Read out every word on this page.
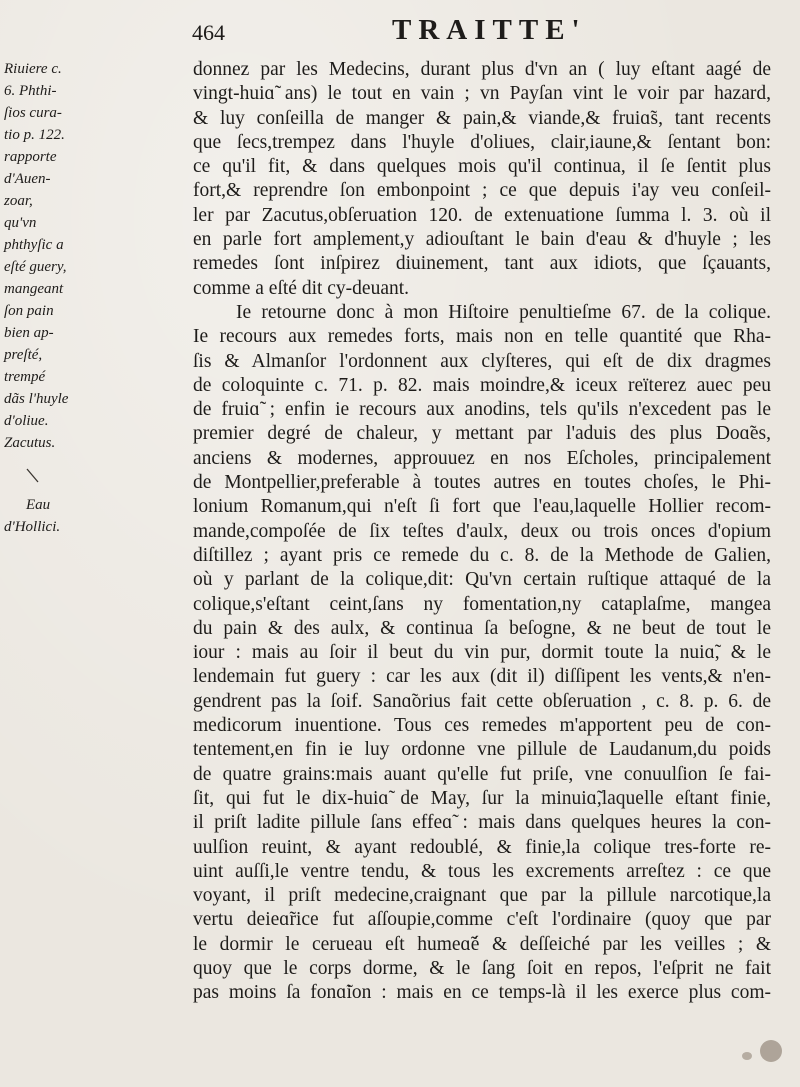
464	TRAITTE'
Riuiere c.
6. Phthi-
ſios cura-
tio p. 122.
rapporte
d'Auen-
zoar,
qu'vn
phthyſic a
eſté guery,
mangeant
ſon pain
bien ap-
preſté,
trempé
dãs l'huyle
d'oliue.
Zacutus.
Eau
d'Hollici.
donnez par les Medecins, durant plus d'vn an ( luy eſtant aagé de
vingt-huiɑ̃ ans) le tout en vain ; vn Payſan vint le voir par hazard,
& luy conſeilla de manger & pain,& viande,& fruiɑ̃s, tant recents
que ſecs,trempez dans l'huyle d'oliues, clair,iaune,& ſentant bon:
ce qu'il fit, & dans quelques mois qu'il continua, il ſe ſentit plus
fort,& reprendre ſon embonpoint ; ce que depuis i'ay veu conſeil-
ler par Zacutus,obſeruation 120. de extenuatione ſumma l. 3. où il
en parle fort amplement,y adiouſtant le bain d'eau & d'huyle ; les
remedes ſont inſpirez diuinement, tant aux idiots, que ſçauants,
comme a eſté dit cy-deuant.
Ie retourne donc à mon Hiſtoire penultieſme 67. de la colique.
Ie recours aux remedes forts, mais non en telle quantité que Rha-
ſis & Almanſor l'ordonnent aux clyſteres, qui eſt de dix dragmes
de coloquinte c. 71. p. 82. mais moindre,& iceux reïterez auec peu
de fruiɑ̃ ; enfin ie recours aux anodins, tels qu'ils n'excedent pas le
premier degré de chaleur, y mettant par l'aduis des plus Doɑ̃es,
anciens & modernes, approuuez en nos Eſcholes, principalement
de Montpellier,preferable à toutes autres en toutes choſes, le Phi-
lonium Romanum,qui n'eſt ſi fort que l'eau,laquelle Hollier recom-
mande,compoſée de ſix teſtes d'aulx, deux ou trois onces d'opium
diſtillez ; ayant pris ce remede du c. 8. de la Methode de Galien,
où y parlant de la colique,dit: Qu'vn certain ruſtique attaqué de la
colique,s'eſtant ceint,ſans ny fomentation,ny cataplaſme, mangea
du pain & des aulx, & continua ſa beſogne, & ne beut de tout le
iour : mais au ſoir il beut du vin pur, dormit toute la nuiɑ̃, & le
lendemain fut guery : car les aux (dit il) diſſipent les vents,& n'en-
gendrent pas la ſoif. Sanɑ̃orius fait cette obſeruation , c. 8. p. 6. de
medicorum inuentione. Tous ces remedes m'apportent peu de con-
tentement,en fin ie luy ordonne vne pillule de Laudanum,du poids
de quatre grains:mais auant qu'elle fut priſe, vne conuulſion ſe fai-
ſit, qui fut le dix-huiɑ̃ de May, ſur la minuiɑ̃,laquelle eſtant finie,
il priſt ladite pillule ſans effeɑ̃ : mais dans quelques heures la con-
uulſion reuint, & ayant redoublé, & finie,la colique tres-forte re-
uint auſſi,le ventre tendu, & tous les excrements arreſtez : ce que
voyant, il priſt medecine,craignant que par la pillule narcotique,la
vertu deieɑ̃rice fut aſſoupie,comme c'eſt l'ordinaire (quoy que par
le dormir le cerueau eſt humeɑ̃é & deſſeiché par les veilles ; &
quoy que le corps dorme, & le ſang ſoit en repos, l'eſprit ne fait
pas moins ſa fonɑ̃ion : mais en ce temps-là il les exerce plus com-
